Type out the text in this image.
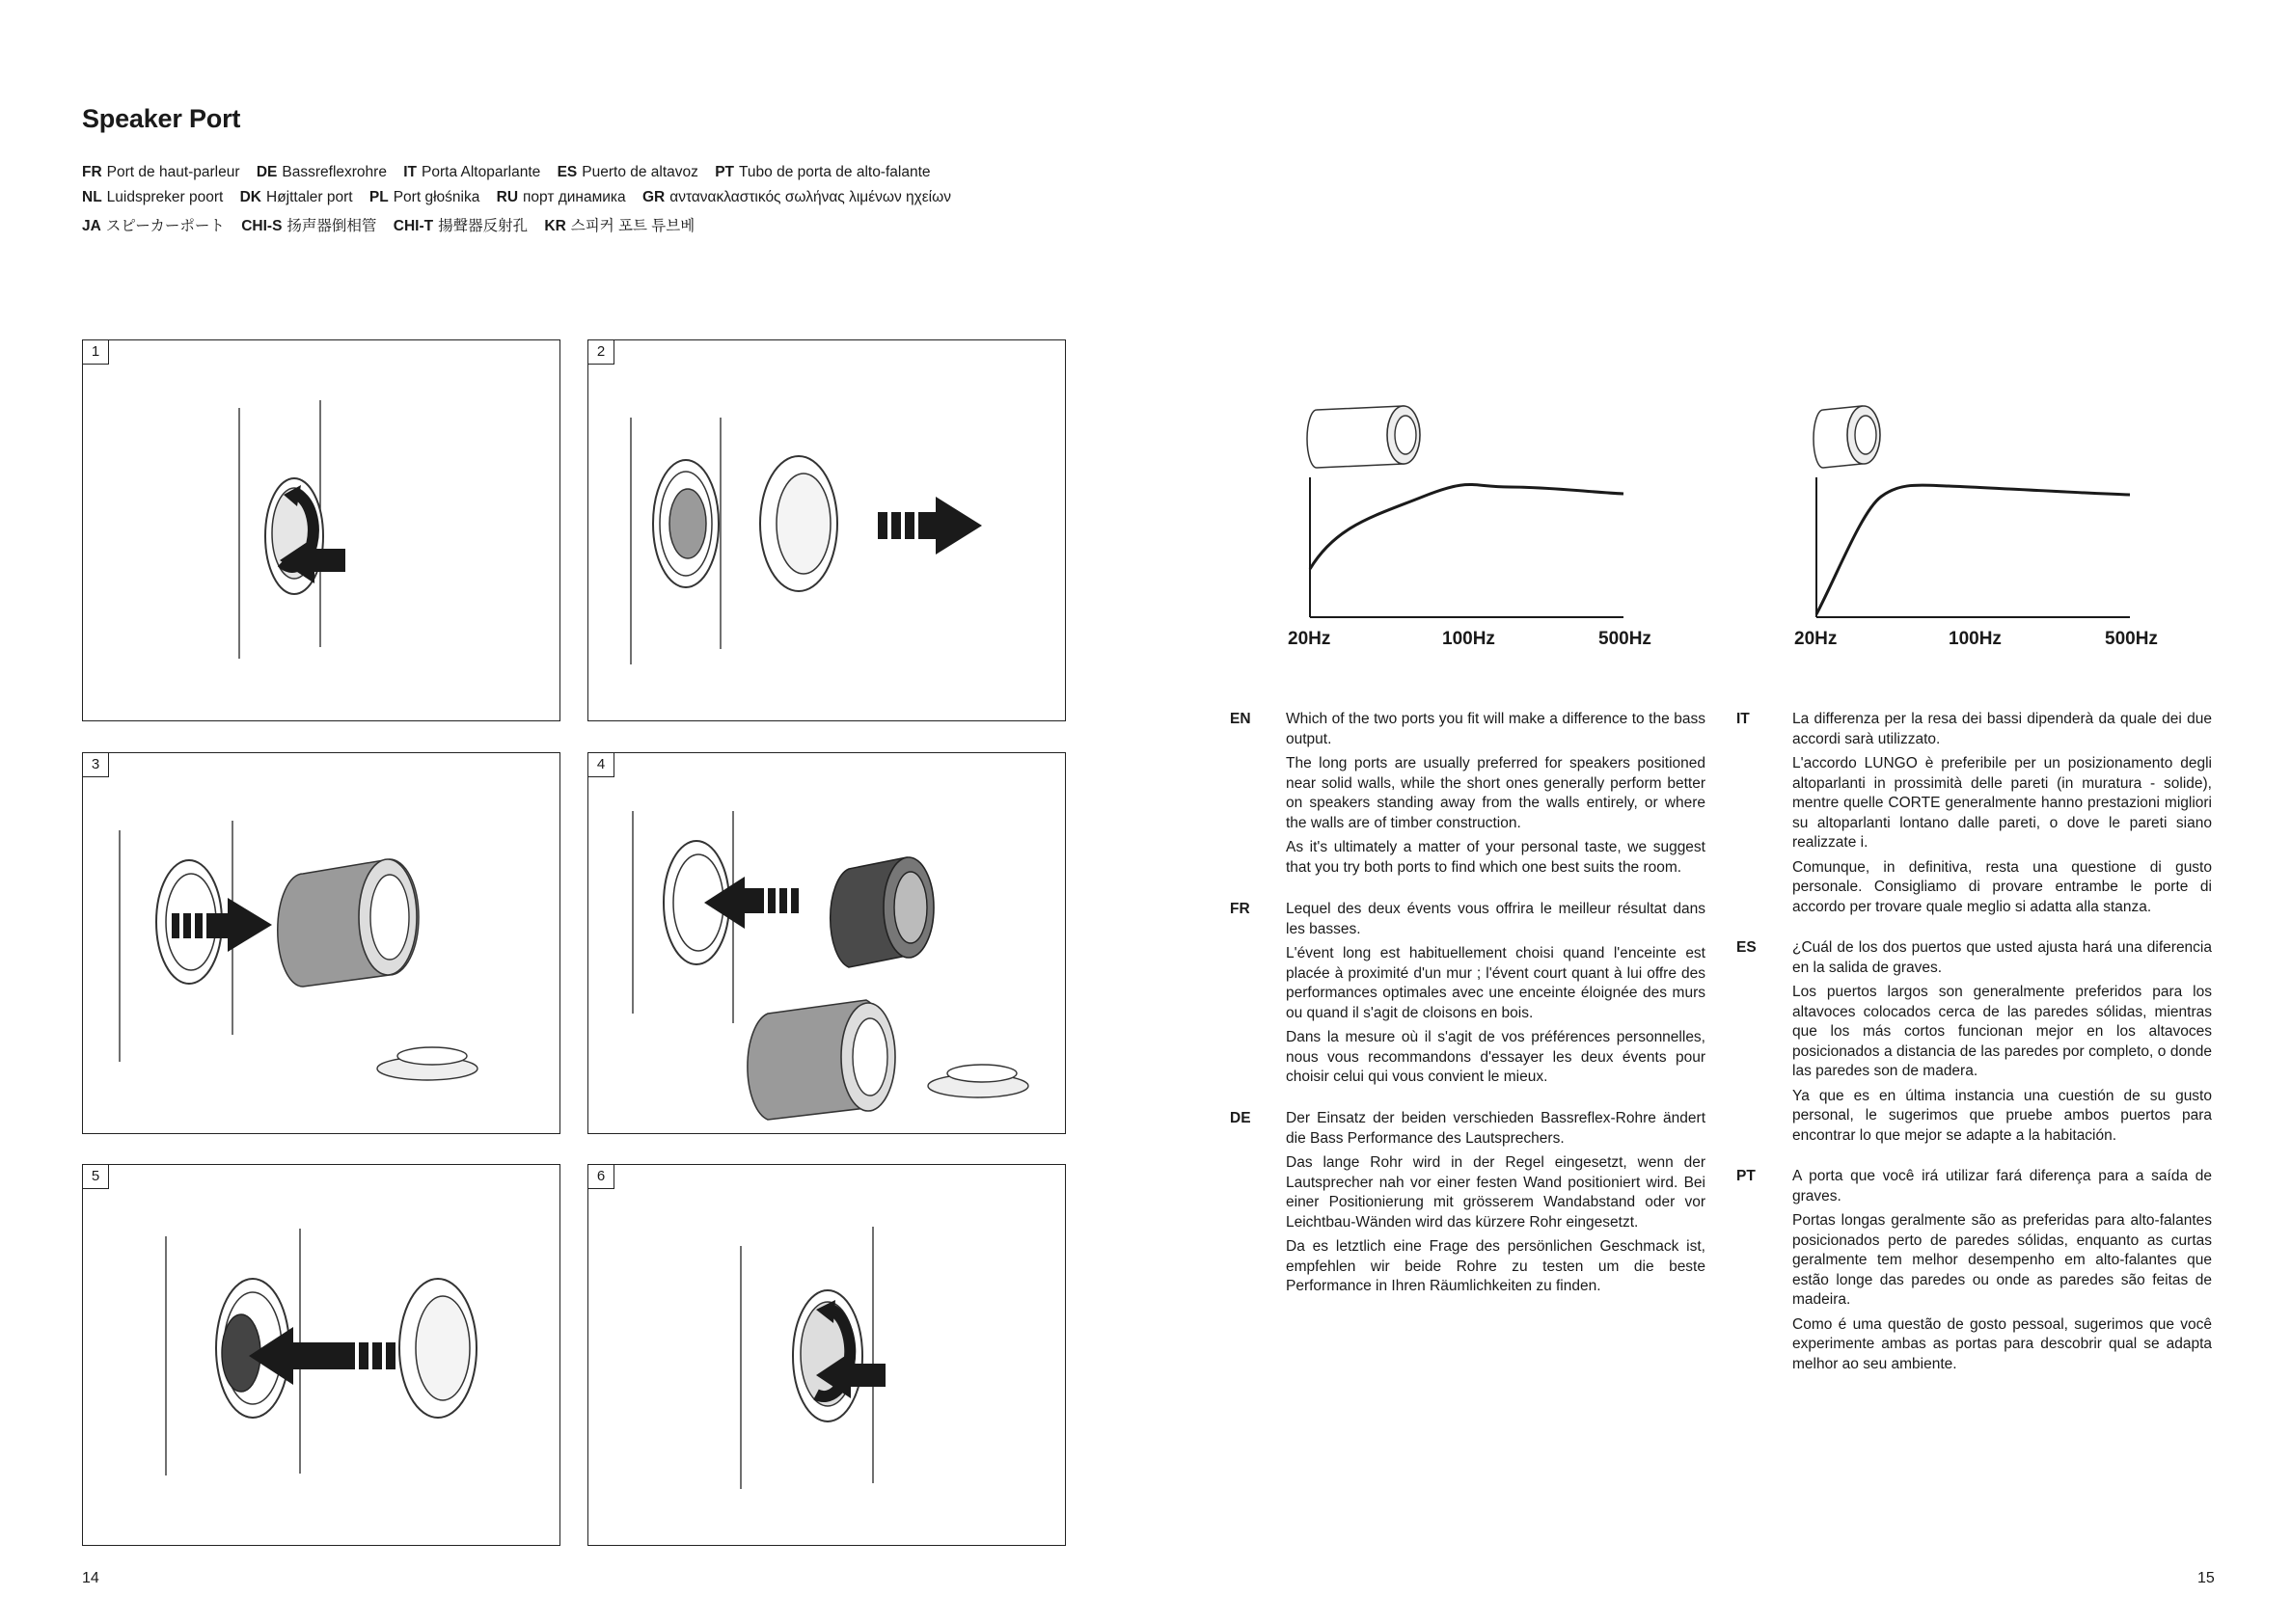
Speaker Port
FR Port de haut-parleur DE Bassreflexrohre IT Porta Altoparlante ES Puerto de altavoz PT Tubo de porta de alto-falante
NL Luidspreker poort DK Højttaler port PL Port głośnika RU порт динамика GR αντανακλαστικός σωλήνας λιμένων ηχείων
JA スピーカーポート CHI-S 扬声器倒相管 CHI-T 揚聲器反射孔 KR 스피커 포트 튜브베
1	2
3	4
5	6
20Hz	100Hz	500Hz	20Hz	100Hz	500Hz
EN Which of the two ports you fit will make a difference to the bass output.

The long ports are usually preferred for speakers positioned near solid walls, while the short ones generally perform better on speakers standing away from the walls entirely, or where the walls are of timber construction.

As it's ultimately a matter of your personal taste, we suggest that you try both ports to find which one best suits the room.

FR Lequel des deux évents vous offrira le meilleur résultat dans les basses.

L'évent long est habituellement choisi quand l'enceinte est placée à proximité d'un mur ; l'évent court quant à lui offre des performances optimales avec une enceinte éloignée des murs ou quand il s'agit de cloisons en bois.

Dans la mesure où il s'agit de vos préférences personnelles, nous vous recommandons d'essayer les deux évents pour choisir celui qui vous convient le mieux.

DE Der Einsatz der beiden verschieden Bassreflex-Rohre ändert die Bass Performance des Lautsprechers.

Das lange Rohr wird in der Regel eingesetzt, wenn der Lautsprecher nah vor einer festen Wand positioniert wird. Bei einer Positionierung mit grösserem Wandabstand oder vor Leichtbau-Wänden wird das kürzere Rohr eingesetzt.

Da es letztlich eine Frage des persönlichen Geschmack ist, empfehlen wir beide Rohre zu testen um die beste Performance in Ihren Räumlichkeiten zu finden.

IT	La differenza per la resa dei bassi dipenderà da quale dei due accordi sarà utilizzato.

L'accordo LUNGO è preferibile per un posizionamento degli altoparlanti in prossimità delle pareti (in muratura - solide), mentre quelle CORTE generalmente hanno prestazioni migliori su altoparlanti lontano dalle pareti, o dove le pareti siano realizzate i.

Comunque, in definitiva, resta una questione di gusto personale. Consigliamo di provare entrambe le porte di accordo per trovare quale meglio si adatta alla stanza.

ES ¿Cuál de los dos puertos que usted ajusta hará una diferencia en la salida de graves.

Los puertos largos son generalmente preferidos para los altavoces colocados cerca de las paredes sólidas, mientras que los más cortos funcionan mejor en los altavoces posicionados a distancia de las paredes por completo, o donde las paredes son de madera.

Ya que es en última instancia una cuestión de su gusto personal, le sugerimos que pruebe ambos puertos para encontrar lo que mejor se adapte a la habitación.

PT A porta que você irá utilizar fará diferença para a saída de graves.

Portas longas geralmente são as preferidas para alto-falantes posicionados perto de paredes sólidas, enquanto as curtas geralmente tem melhor desempenho em alto-falantes que estão longe das paredes ou onde as paredes são feitas de madeira.

Como é uma questão de gosto pessoal, sugerimos que você experimente ambas as portas para descobrir qual se adapta melhor ao seu ambiente.

14	15
